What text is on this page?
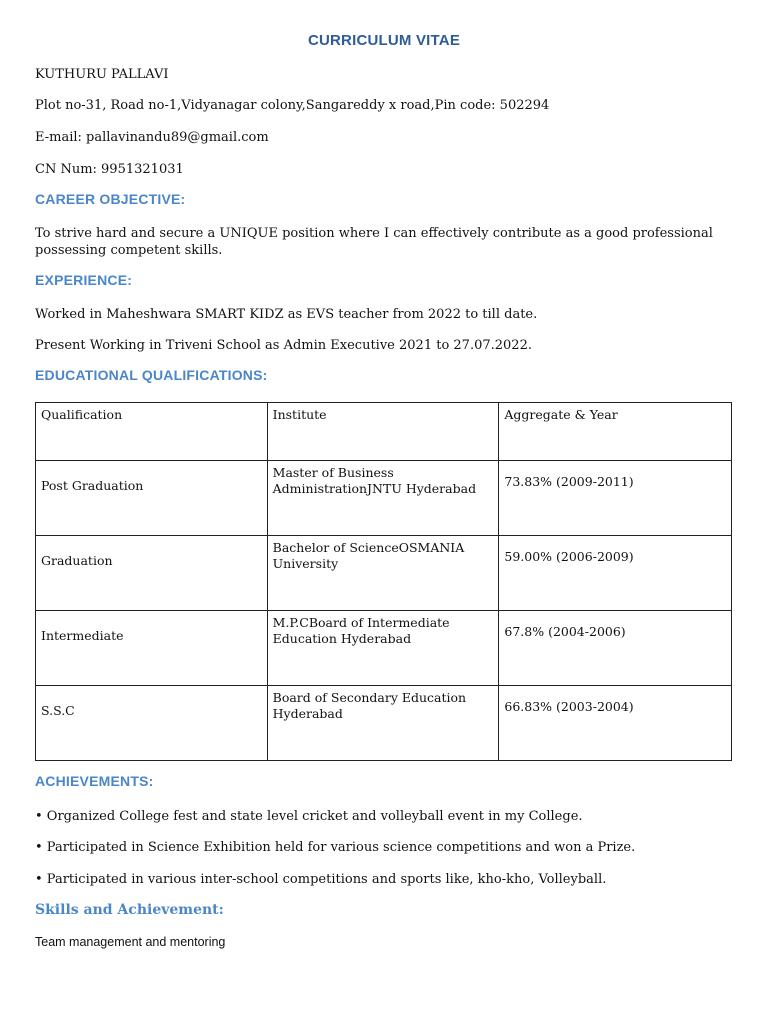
CURRICULUM VITAE
KUTHURU PALLAVI
Plot no-31, Road no-1,Vidyanagar colony,Sangareddy x road,Pin code: 502294
E-mail: pallavinandu89@gmail.com
CN Num: 9951321031
CAREER OBJECTIVE:
To strive hard and secure a UNIQUE position where I can effectively contribute as a good professional possessing competent skills.
EXPERIENCE:
Worked in Maheshwara SMART KIDZ as EVS teacher from 2022 to till date.
Present Working in Triveni School as Admin Executive 2021 to 27.07.2022.
EDUCATIONAL QUALIFICATIONS:
Qualification	Institute	Aggregate & Year

Post Graduation	Master of Business AdministrationJNTU Hyderabad	73.83% (2009-2011)

Graduation	Bachelor of ScienceOSMANIA University	59.00% (2006-2009)

Intermediate	M.P.CBoard of Intermediate Education Hyderabad	67.8% (2004-2006)

S.S.C	Board of Secondary Education Hyderabad	66.83% (2003-2004)
ACHIEVEMENTS:
• Organized College fest and state level cricket and volleyball event in my College.
• Participated in Science Exhibition held for various science competitions and won a Prize.
• Participated in various inter-school competitions and sports like, kho-kho, Volleyball.
Skills and Achievement:
Team management and mentoring
